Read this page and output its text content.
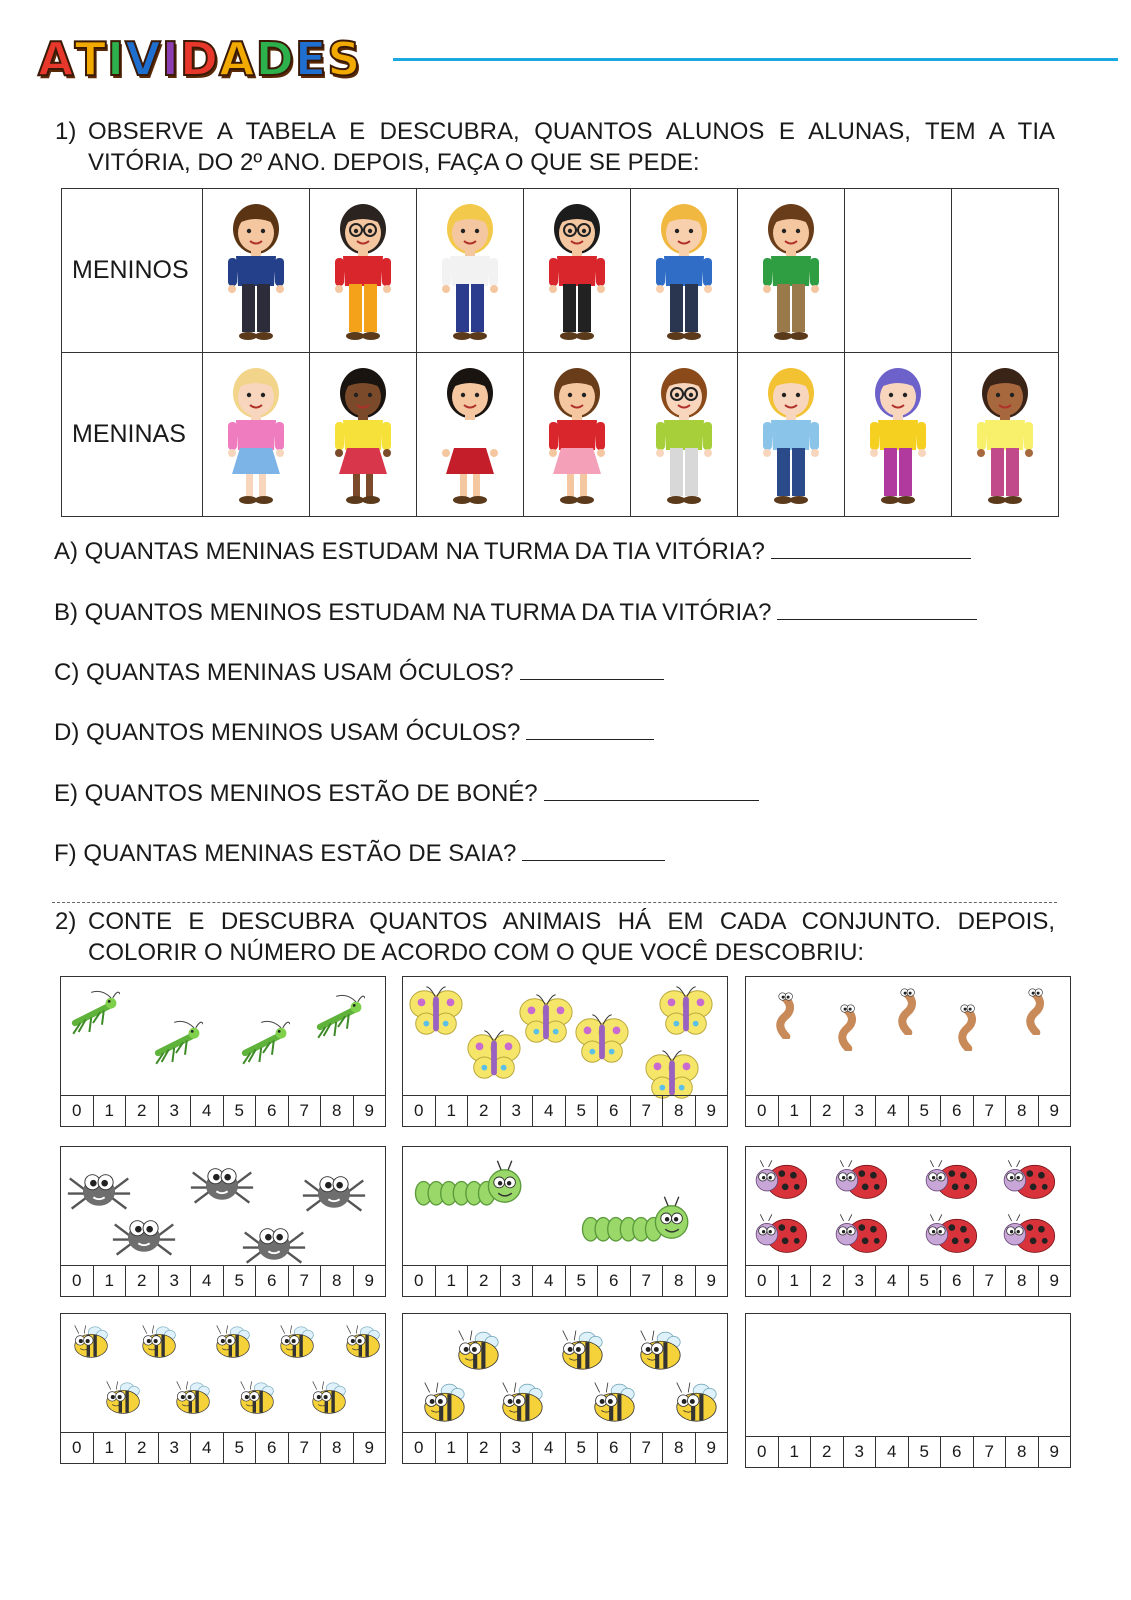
ATIVIDADES
1) OBSERVE A TABELA E DESCUBRA, QUANTOS ALUNOS E ALUNAS, TEM A TIA VITÓRIA, DO 2º ANO. DEPOIS, FAÇA O QUE SE PEDE:
MENINOS	

MENINAS	

A) QUANTAS MENINAS ESTUDAM NA TURMA DA TIA VITÓRIA?
B) QUANTOS MENINOS ESTUDAM NA TURMA DA TIA VITÓRIA?
C) QUANTAS MENINAS USAM ÓCULOS?
D) QUANTOS MENINOS USAM ÓCULOS?
E) QUANTOS MENINOS ESTÃO DE BONÉ?
F) QUANTAS MENINAS ESTÃO DE SAIA?
2) CONTE E DESCUBRA QUANTOS ANIMAIS HÁ EM CADA CONJUNTO. DEPOIS, COLORIR O NÚMERO DE ACORDO COM O QUE VOCÊ DESCOBRIU:
0	1	2	3	4	5	6	7	8	9	0	1	2	3	4	5	6	7	8	9	0	1	2	3	4	5	6	7	8	9
0	1	2	3	4	5	6	7	8	9	0	1	2	3	4	5	6	7	8	9	0	1	2	3	4	5	6	7	8	9
0	1	2	3	4	5	6	7	8	9	0	1	2	3	4	5	6	7	8	9	0	1	2	3	4	5	6	7	8	9
